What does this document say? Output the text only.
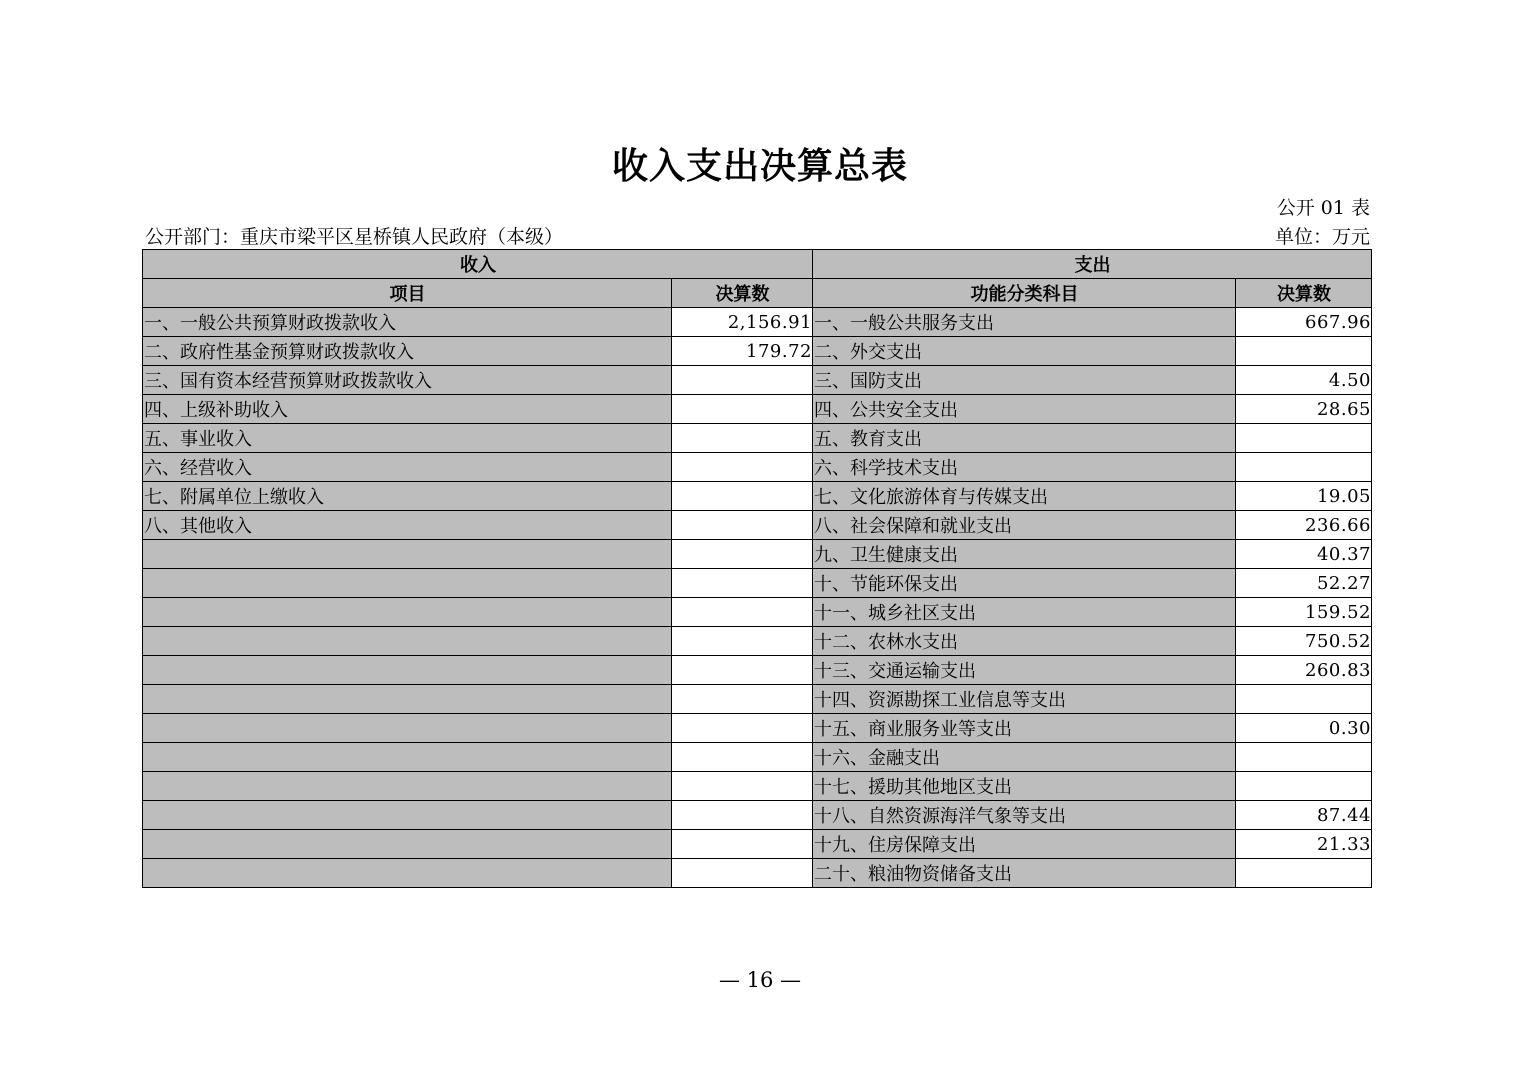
收入支出决算总表
公开 01 表
公开部门：重庆市梁平区星桥镇人民政府（本级）	单位：万元
收入		支出	
项目	决算数	功能分类科目	决算数
一、一般公共预算财政拨款收入	2,156.91	一、一般公共服务支出	667.96
二、政府性基金预算财政拨款收入	179.72	二、外交支出	
三、国有资本经营预算财政拨款收入		三、国防支出	4.50
四、上级补助收入		四、公共安全支出	28.65
五、事业收入		五、教育支出	
六、经营收入		六、科学技术支出	
七、附属单位上缴收入		七、文化旅游体育与传媒支出	19.05
八、其他收入		八、社会保障和就业支出	236.66
		九、卫生健康支出	40.37
		十、节能环保支出	52.27
		十一、城乡社区支出	159.52
		十二、农林水支出	750.52
		十三、交通运输支出	260.83
		十四、资源勘探工业信息等支出	
		十五、商业服务业等支出	0.30
		十六、金融支出	
		十七、援助其他地区支出	
		十八、自然资源海洋气象等支出	87.44
		十九、住房保障支出	21.33
		二十、粮油物资储备支出	
— 16 —
